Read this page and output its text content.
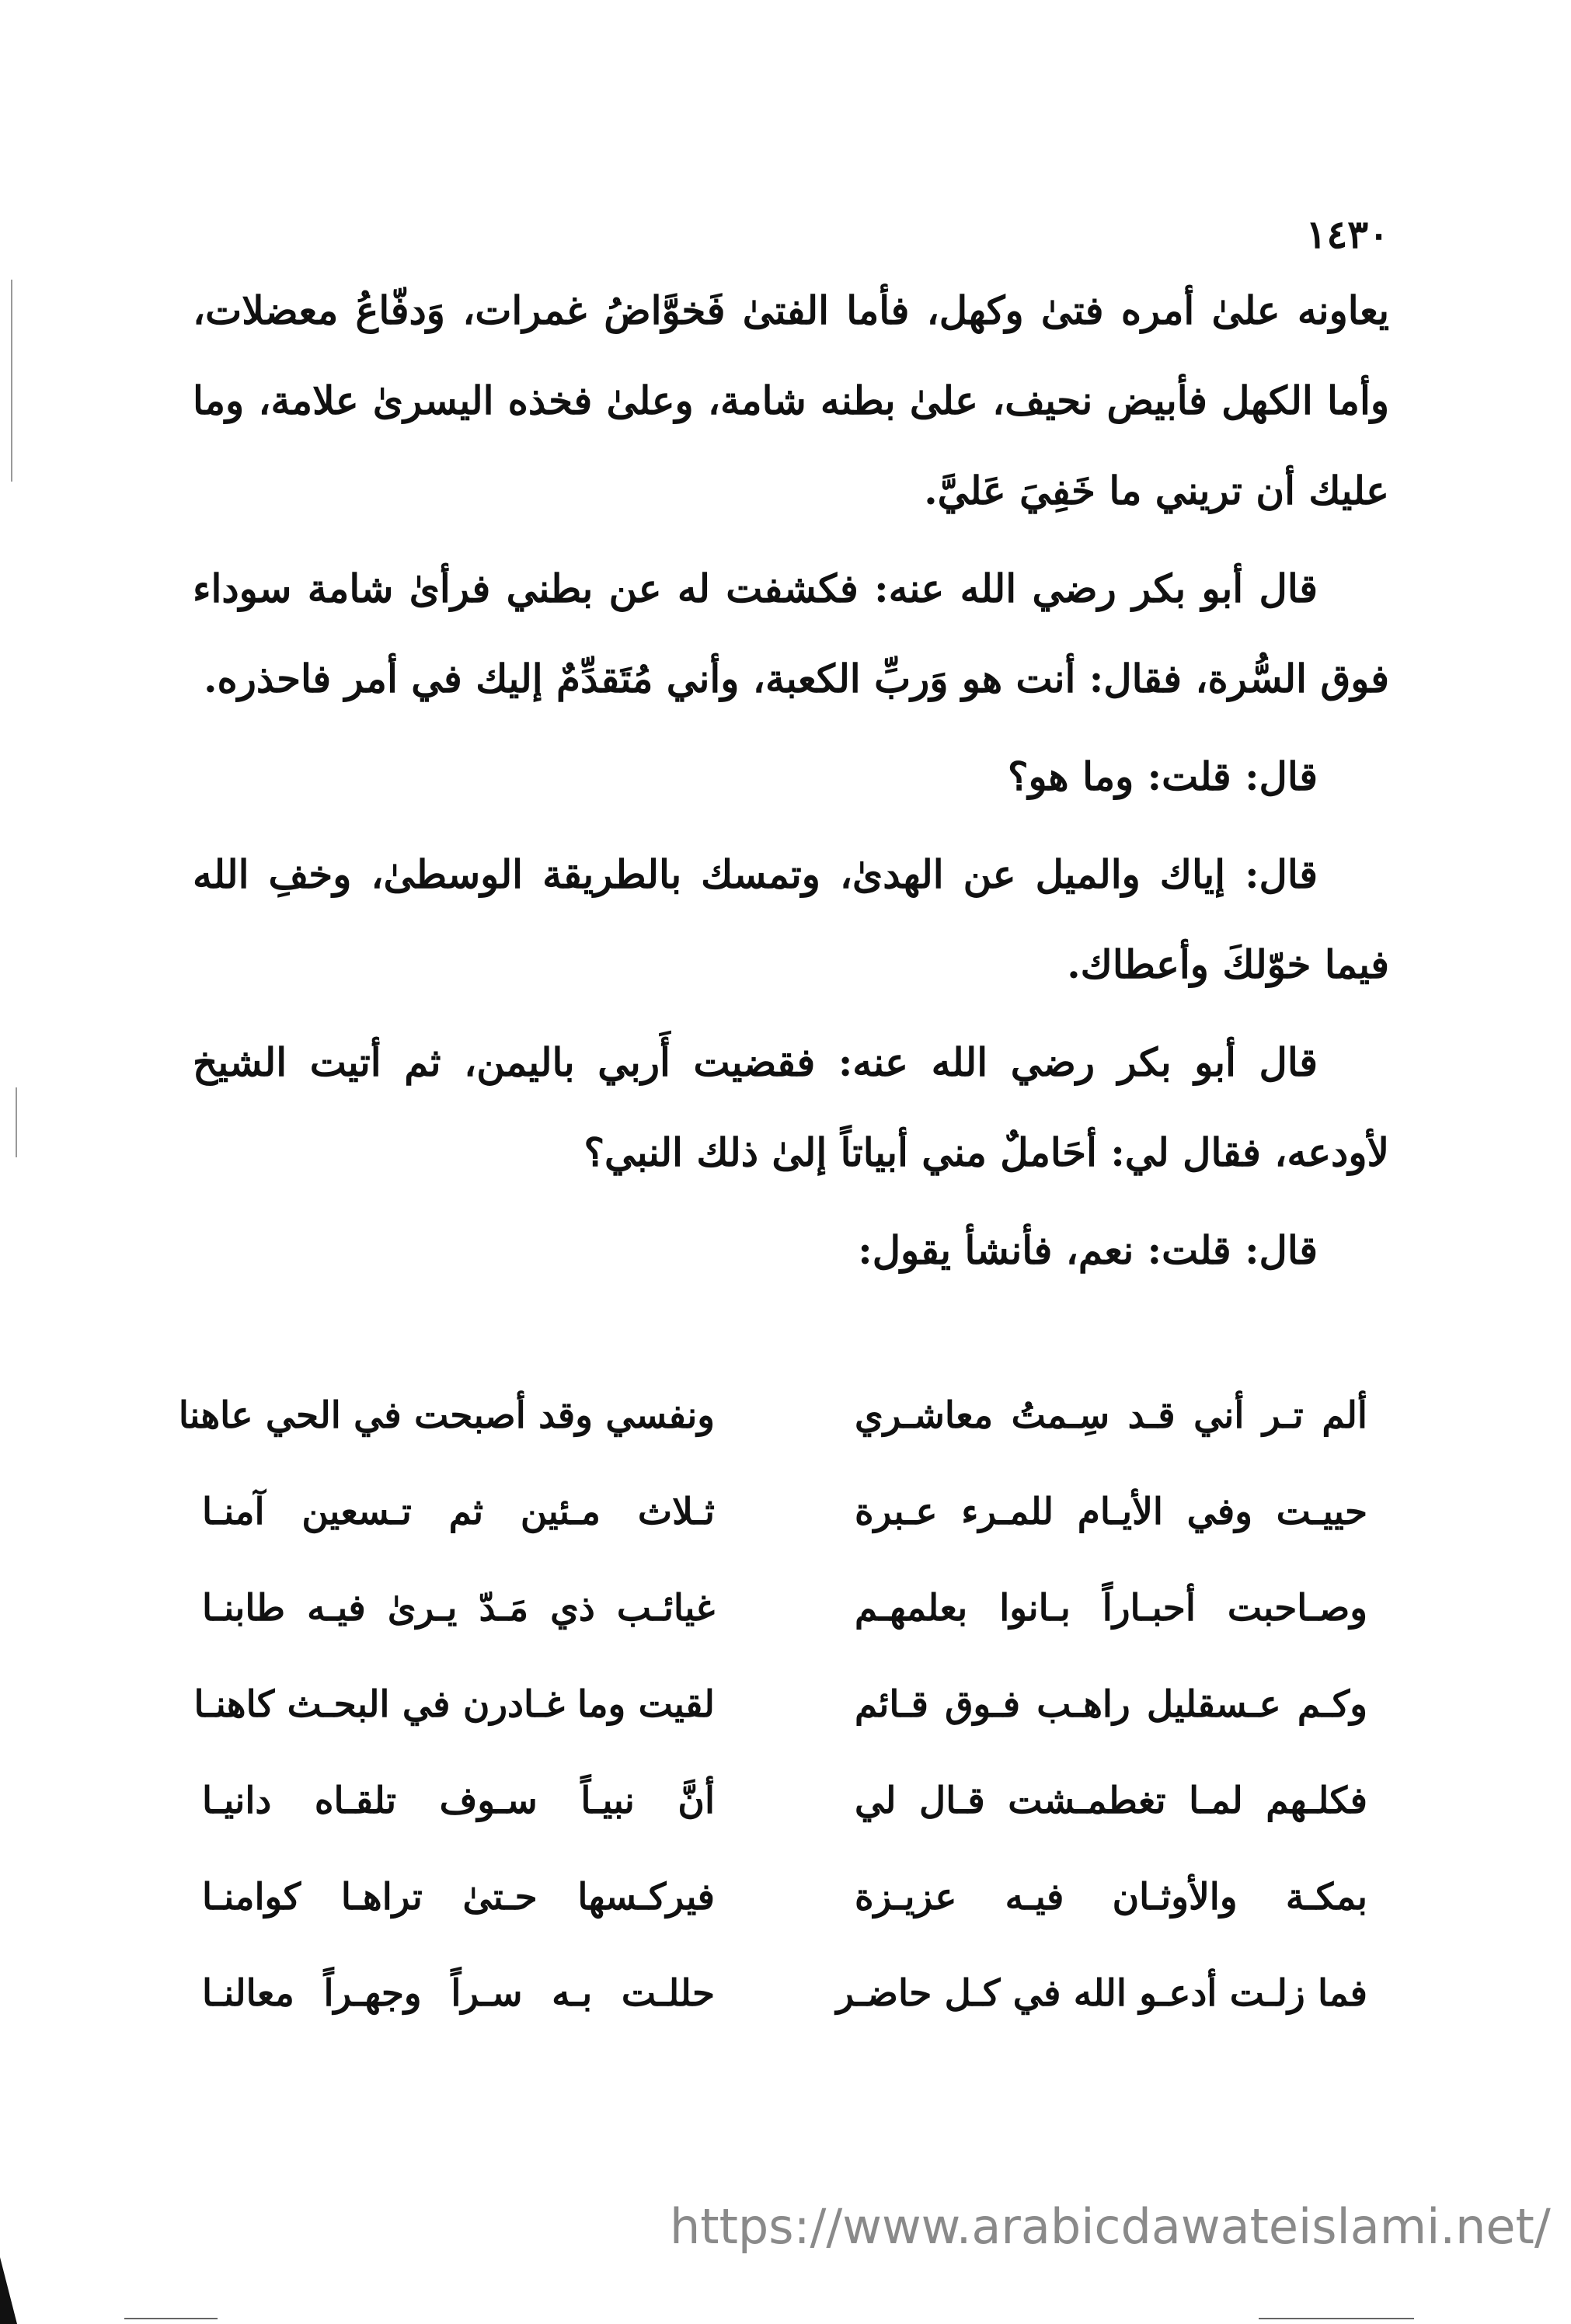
١٤٣٠

يعاونه علىٰ أمره فتىٰ وكهل، فأما الفتىٰ فَخوَّاضُ غمرات، وَدفّاعُ معضلات، وأما الكهل فأبيض نحيف، علىٰ بطنه شامة، وعلىٰ فخذه اليسرىٰ علامة، وما عليك أن تريني ما خَفِيَ عَليَّ.

قال أبو بكر رضي الله عنه: فكشفت له عن بطني فرأىٰ شامة سوداء فوق السُّرة، فقال: أنت هو وَربِّ الكعبة، وأني مُتَقدِّمٌ إليك في أمر فاحذره.

قال: قلت: وما هو؟

قال: إياك والميل عن الهدىٰ، وتمسك بالطريقة الوسطىٰ، وخفِ الله فيما خوّلكَ وأعطاك.

قال أبو بكر رضي الله عنه: فقضيت أَربي باليمن، ثم أتيت الشيخ لأودعه، فقال لي: أحَاملٌ مني أبياتاً إلىٰ ذلك النبي؟

قال: قلت: نعم، فأنشأ يقول:

ألم تـر أني قـد سِـمتُ معاشـري
ونفسي وقد أصبحت في الحي عاهنا
حييـت وفي الأيـام للمـرء عـبرة
ثـلاث مـئين ثم تـسعين آمنـا
وصـاحبت أحبـاراً بـانوا بعلمهـم
غيائـب ذي مَـدّ يـرىٰ فيـه طابنـا
وكـم عـسقليل راهـب فـوق قـائم
لقيت وما غـادرن في البحـث كاهنـا
فكلـهم لمـا تغطمـشت قـال لي
أنَّ نبيـاً سـوف تلقـاه دانيـا
بمكـة والأوثـان فيـه عزيـزة
فيركـسها حـتىٰ تراهـا كوامنـا
فما زلـت أدعـو الله في كـل حاضـر
حللـت بـه سـراً وجهـراً معالنـا
https://www.arabicdawateislami.net/
